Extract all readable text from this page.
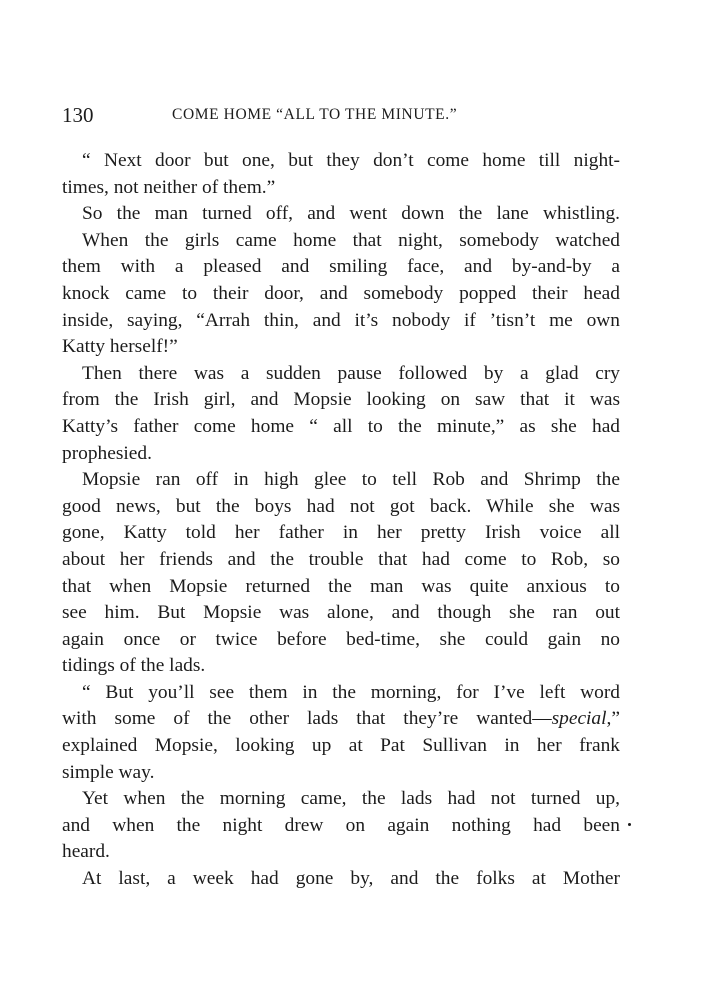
130	COME HOME “ALL TO THE MINUTE.”
“ Next door but one, but they don’t come home till night-
times, not neither of them.”
So the man turned off, and went down the lane whistling.
When the girls came home that night, somebody watched
them with a pleased and smiling face, and by-and-by a
knock came to their door, and somebody popped their head
inside, saying, “Arrah thin, and it’s nobody if ’tisn’t me own
Katty herself!”
Then there was a sudden pause followed by a glad cry
from the Irish girl, and Mopsie looking on saw that it was
Katty’s father come home “ all to the minute,” as she had
prophesied.
Mopsie ran off in high glee to tell Rob and Shrimp the
good news, but the boys had not got back. While she was
gone, Katty told her father in her pretty Irish voice all
about her friends and the trouble that had come to Rob, so
that when Mopsie returned the man was quite anxious to
see him. But Mopsie was alone, and though she ran out
again once or twice before bed-time, she could gain no
tidings of the lads.
“ But you’ll see them in the morning, for I’ve left word
with some of the other lads that they’re wanted—special,”
explained Mopsie, looking up at Pat Sullivan in her frank
simple way.
Yet when the morning came, the lads had not turned up,
and when the night drew on again nothing had been
heard.
At last, a week had gone by, and the folks at Mother
